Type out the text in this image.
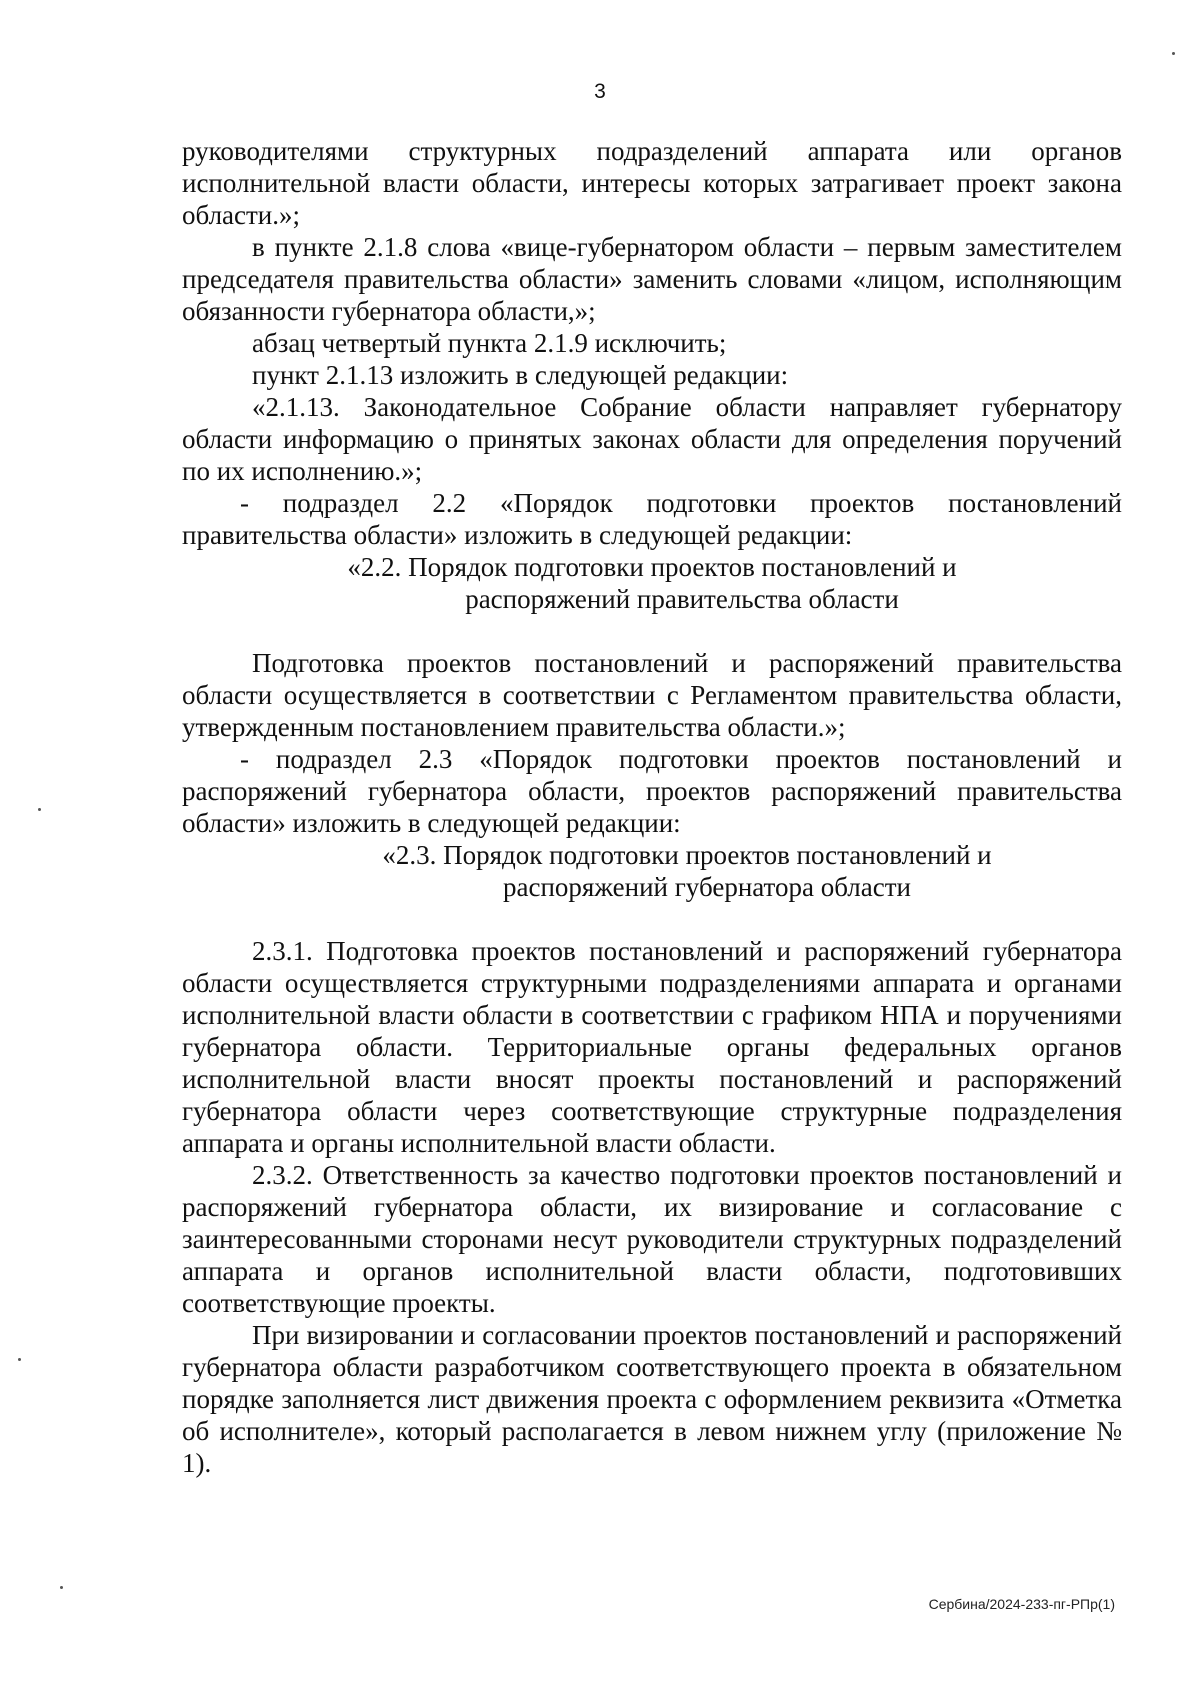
3

руководителями структурных подразделений аппарата или органов исполнительной власти области, интересы которых затрагивает проект закона области.»;

в пункте 2.1.8 слова «вице-губернатором области – первым заместителем председателя правительства области» заменить словами «лицом, исполняющим обязанности губернатора области,»;

абзац четвертый пункта 2.1.9 исключить;

пункт 2.1.13 изложить в следующей редакции:

«2.1.13. Законодательное Собрание области направляет губернатору области информацию о принятых законах области для определения поручений по их исполнению.»;

- подраздел 2.2 «Порядок подготовки проектов постановлений правительства области» изложить в следующей редакции:

«2.2. Порядок подготовки проектов постановлений и

распоряжений правительства области

Подготовка проектов постановлений и распоряжений правительства области осуществляется в соответствии с Регламентом правительства области, утвержденным постановлением правительства области.»;

- подраздел 2.3 «Порядок подготовки проектов постановлений и распоряжений губернатора области, проектов распоряжений правительства области» изложить в следующей редакции:

«2.3. Порядок подготовки проектов постановлений и

распоряжений губернатора области

2.3.1. Подготовка проектов постановлений и распоряжений губернатора области осуществляется структурными подразделениями аппарата и органами исполнительной власти области в соответствии с графиком НПА и поручениями губернатора области. Территориальные органы федеральных органов исполнительной власти вносят проекты постановлений и распоряжений губернатора области через соответствующие структурные подразделения аппарата и органы исполнительной власти области.

2.3.2. Ответственность за качество подготовки проектов постановлений и распоряжений губернатора области, их визирование и согласование с заинтересованными сторонами несут руководители структурных подразделений аппарата и органов исполнительной власти области, подготовивших соответствующие проекты.

При визировании и согласовании проектов постановлений и распоряжений губернатора области разработчиком соответствующего проекта в обязательном порядке заполняется лист движения проекта с оформлением реквизита «Отметка об исполнителе», который располагается в левом нижнем углу (приложение № 1).

Сербина/2024-233-пг-РПр(1)
